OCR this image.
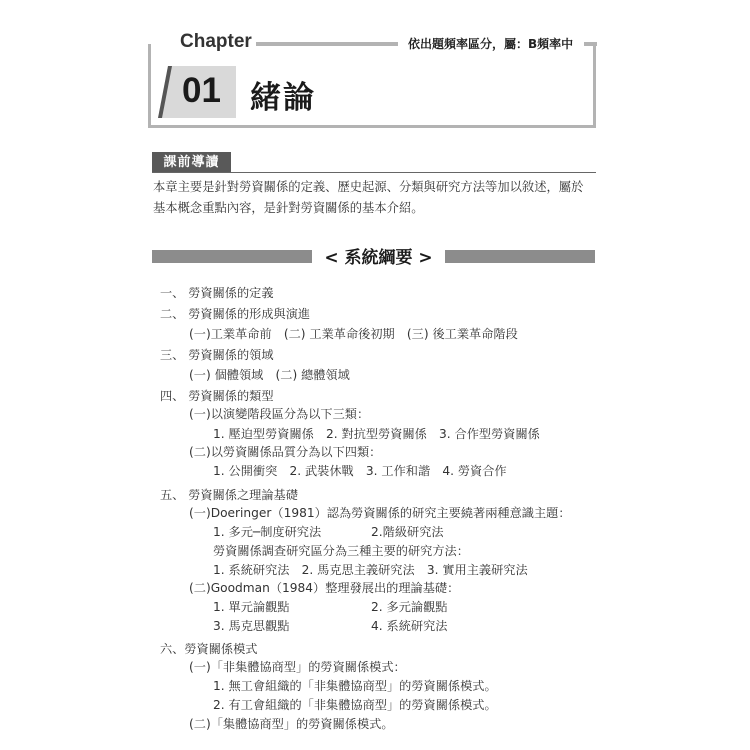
Chapter	依出題頻率區分，屬：B頻率中
01 緒論
課前導讀

本章主要是針對勞資關係的定義、歷史起源、分類與研究方法等加以敘述，屬於

基本概念重點內容，是針對勞資關係的基本介紹。

< 系統綱要 >
一、 勞資關係的定義
二、 勞資關係的形成與演進
(一)工業革命前　(二) 工業革命後初期　(三) 後工業革命階段
三、 勞資關係的領域
(一) 個體領域　(二) 總體領域
四、 勞資關係的類型
(一)以演變階段區分為以下三類：
1. 壓迫型勞資關係　2. 對抗型勞資關係　3. 合作型勞資關係
(二)以勞資關係品質分為以下四類：
1. 公開衝突　2. 武裝休戰　3. 工作和諧　4. 勞資合作
五、 勞資關係之理論基礎
(一)Doeringer（1981）認為勞資關係的研究主要繞著兩種意識主題：
1. 多元─制度研究法	2.階級研究法
勞資關係調查研究區分為三種主要的研究方法：
1. 系統研究法　2. 馬克思主義研究法　3. 實用主義研究法
(二)Goodman（1984）整理發展出的理論基礎：
1. 單元論觀點	2. 多元論觀點
3. 馬克思觀點	4. 系統研究法
六、勞資關係模式
(一)「非集體協商型」的勞資關係模式：
1. 無工會組織的「非集體協商型」的勞資關係模式。
2. 有工會組織的「非集體協商型」的勞資關係模式。
(二)「集體協商型」的勞資關係模式。
